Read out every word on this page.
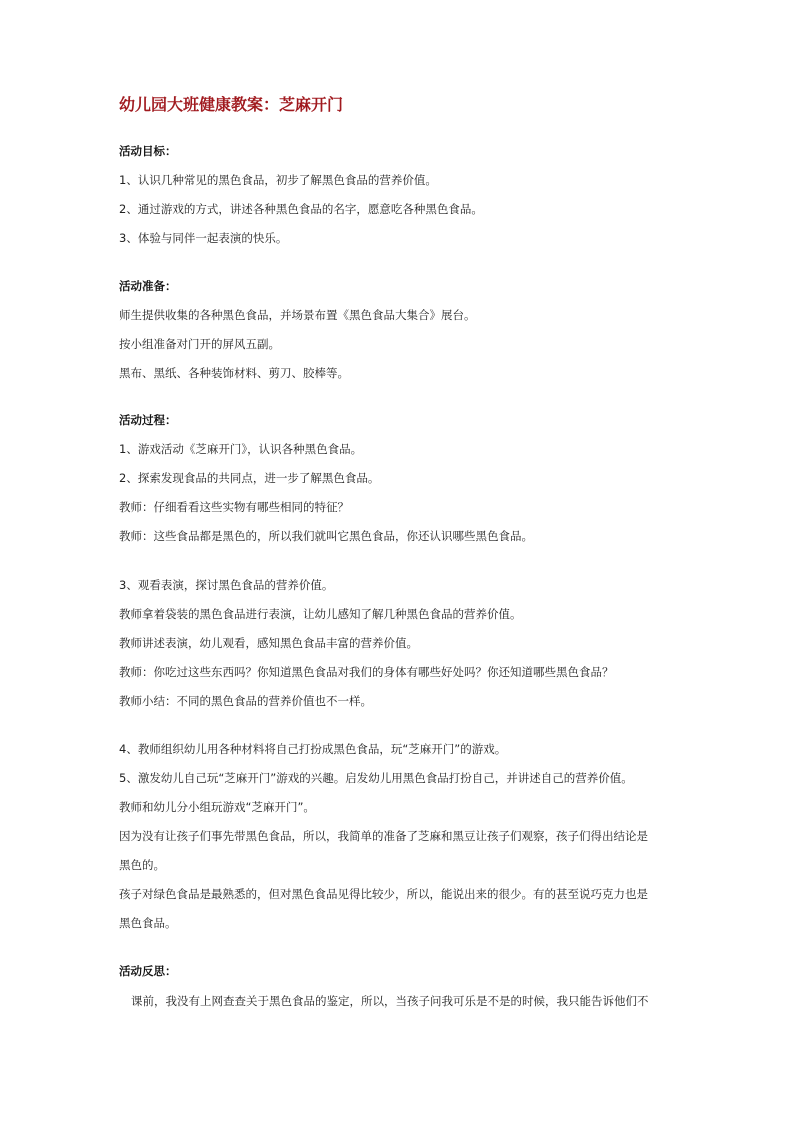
幼儿园大班健康教案：芝麻开门
活动目标：
1、认识几种常见的黑色食品，初步了解黑色食品的营养价值。
2、通过游戏的方式，讲述各种黑色食品的名字，愿意吃各种黑色食品。
3、体验与同伴一起表演的快乐。
活动准备：
师生提供收集的各种黑色食品，并场景布置《黑色食品大集合》展台。
按小组准备对门开的屏风五副。
黑布、黑纸、各种装饰材料、剪刀、胶棒等。
活动过程：
1、游戏活动《芝麻开门》，认识各种黑色食品。
2、探索发现食品的共同点，进一步了解黑色食品。
教师：仔细看看这些实物有哪些相同的特征？
教师：这些食品都是黑色的，所以我们就叫它黑色食品，你还认识哪些黑色食品。
3、观看表演，探讨黑色食品的营养价值。
教师拿着袋装的黑色食品进行表演，让幼儿感知了解几种黑色食品的营养价值。
教师讲述表演，幼儿观看，感知黑色食品丰富的营养价值。
教师：你吃过这些东西吗？你知道黑色食品对我们的身体有哪些好处吗？你还知道哪些黑色食品？
教师小结：不同的黑色食品的营养价值也不一样。
4、教师组织幼儿用各种材料将自己打扮成黑色食品，玩“芝麻开门”的游戏。
5、激发幼儿自己玩“芝麻开门”游戏的兴趣。启发幼儿用黑色食品打扮自己，并讲述自己的营养价值。
教师和幼儿分小组玩游戏“芝麻开门”。
因为没有让孩子们事先带黑色食品，所以，我简单的准备了芝麻和黑豆让孩子们观察，孩子们得出结论是
黑色的。
孩子对绿色食品是最熟悉的，但对黑色食品见得比较少，所以，能说出来的很少。有的甚至说巧克力也是
黑色食品。
活动反思：
课前，我没有上网查查关于黑色食品的鉴定，所以，当孩子问我可乐是不是的时候，我只能告诉他们不
